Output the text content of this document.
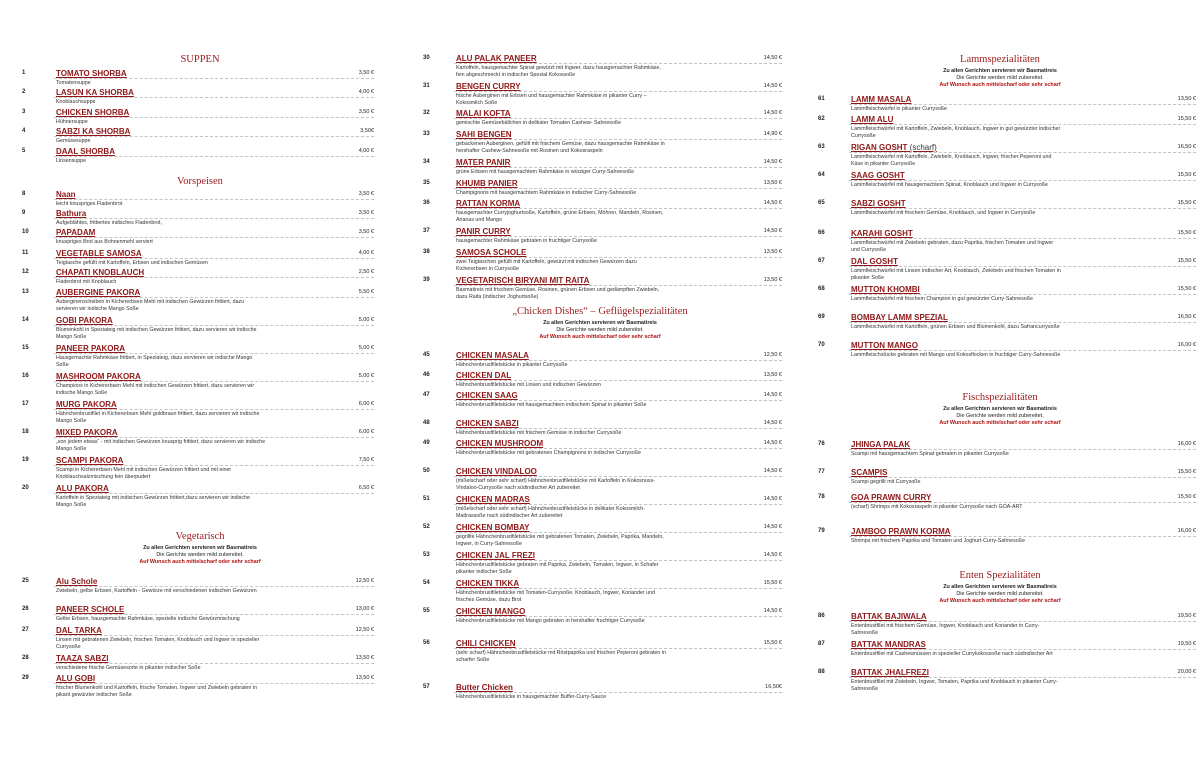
SUPPEN
1	TOMATO SHORBA	3,50 €
Tomatensuppe
2	LASUN KA SHORBA	4,00 €
Knoblauchsuppe
3	CHICKEN SHORBA	3,50 €
Hühnersuppe
4	SABZI KA SHORBA	3,50€
Gemüsesuppe
5	DAAL SHORBA	4,00 €
Linsensuppe
Vorspeisen
8	Naan	3,50 €
leicht knuspriges Fladenbrot
9	Bathura	3,50 €
Aufgeblähtes, frittiertes indisches Fladenbrot,
10	PAPADAM	3,50 €
knuspriges Brot aus Bohnenmehl serviert
11	VEGETABLE SAMOSA	4,00 €
Teigtasche gefüllt mit Kartoffeln, Erbsen und indischen Gemüsen
12	CHAPATI KNOBLAUCH	2,50 €
Fladenbrot mit Knoblauch
13	AUBERGINE PAKORA	5,50 €
Auberginenscheiben in Kichererbsen Mehl mit indischen Gewürzen frittiert, dazu servieren wir indische Mango Soße
14	GOBI PAKORA	5,00 €
Blumenkohl in Speziateig mit indischen Gewürzen frittiert, dazu servieren wir indische Mango Soße
15	PANEER PAKORA	5,00 €
Hausgemachte Rahmkäse frittiert, in Speziateig, dazu servieren wir indische Mango Soße
16	MASHROOM PAKORA	5,00 €
Champions in Kichererbsen Mehl mit indischen Gewürzen frittiert, dazu servieren wir indische Mango Soße
17	MURG PAKORA	6,00 €
Hähnchenbrustfilet in Kichererbsen Mehl goldbraun frittiert, dazu servieren wir indische Mango Soße
18	MIXED PAKORA	6,00 €
„von jedem etwas“ - mit indischen Gewürzen knusprig frittiert, dazu servieren wir indische Mango Soße
19	SCAMPI PAKORA	7,50 €
Scampi in Kichererbsen Mehl mit indischen Gewürzen frittiert und mit einer Knoblauchsalzmischung fein überpudert
20	ALU PAKORA	6,50 €
Kartoffeln in Speziateig mit indischen Gewürzen frittiert,dazu servieren wir indische Mango Soße
Vegetarisch
Zu allen Gerichten servieren wir Basmatireis
Die Gerichte werden mild zubereitet.
Auf Wunsch auch mittelscharf oder sehr scharf
25	Alu Schole	12,50 €
Zwiebeln, gelbe Erbsen, Kartoffeln - Gewürze mit verschiedenen indischen Gewürzen
26	PANEER SCHOLE	13,00 €
Gelbe Erbsen, hausgemachte Rahmkäse, spezielle indische Gewürzmischung
27	DAL TARKA	12,50 €
Linsen mit gebratenen Zwiebeln, frischen Tomaten, Knoblauch und Ingwer in spezieller Currysoße
28	TAAZA SABZI	13,50 €
verschiedene frische Gemüsesorte in pikanter indischer Soße
29	ALU GOBI	13,50 €
frischer Blumenkohl und Kartoffeln, frische Tomaten, Ingwer und Zwiebeln gebraten in pikant gewürzter indischer Soße
30	ALU PALAK PANEER	14,50 €
Kartoffeln, hausgemachter Spinat gewürzt mit Ingwer, dazu hausgemachter Rahmkäse, fein abgeschmeckt in indischer Spezial Kokossoße
31	BENGEN CURRY	14,50 €
frische Auberginen mit Erbsen und hausgemachter Rahmkäse in pikanter Curry – Kokosmilch Soße
32	MALAI KOFTA	14,50 €
gemischte Gemüsebällchen in delikater Tomaten Cashew- Sahnesoße
33	SAHI BENGEN	14,90 €
gebackenen Auberginen, gefüllt mit frischem Gemüse, dazu hausgemachte Rahmkäse in hershafter Cashew-Sahnesoße mit Rosinen und Kokosraspeln
34	MATER PANIR	14,50 €
grüne Erbsen mit hausgemachtem Rahmkäse in würziger Curry-Sahnesoße
35	KHUMB PANIER	13,50 €
Champignons mit hausgemachtem Rahmkäse in indischer Curry-Sahnesoße
36	RATTAN KORMA	14,50 €
hausgemachter Curryjoghurtsoße, Kartoffeln, grüne Erbsen, Möhren, Mandeln, Rosinen, Ananas und Mango
37	PANIR CURRY	14,50 €
hausgemachter Rahmkäse gebraten in fruchtiger Currysoße
38	SAMOSA SCHOLE	13,50 €
zwei Teigtaschen gefüllt mit Kartoffeln, gewürzt mit indischen Gewürzen dazu Kichererbsen in Currysoße
39	VEGETARISCH BIRYANI MIT RAITA	13,50 €
Basmatireis mit frischem Gemüse, Rosinen, grünen Erbsen und gedämpften Zwiebeln, dazu Raita (indischer Joghurtsoße)
„Chicken Dishes“ – Geflügelspezialitäten
Zu allen Gerichten servieren wir Basmatireis
Die Gerichte werden mild zubereitet.
Auf Wunsch auch mittelscharf oder sehr scharf
45	CHICKEN MASALA	12,50 €
Hähnchenbrustfiletstücke in pikanter Currysoße
46	CHICKEN DAL	13,50 €
Hähnchenbrustfiletstücke mit Linsen und indischen Gewürzen
47	CHICKEN SAAG	14,50 €
Hähnchenbrustfiletstücke mit hausgemachtem indischem Spinat in pikanter Soße
48	CHICKEN SABZI	14,50 €
Hähnchenbrustfiletstücke mit frischem Gemüse in indischer Currysoße
49	CHICKEN MUSHROOM	14,50 €
Hähnchenbrustfiletstücke mit gebratenen Champignons in indischer Currysoße
50	CHICKEN VINDALOO	14,50 €
(mißelscharf oder sehr scharf) Hähnchenbrustfiletstücke mit Kartoffeln in Kokosnuss-Vindaloo-Currysoße nach südindischer Art zubereitet
51	CHICKEN MADRAS	14,50 €
(mißelscharf oder sehr scharf) Hähnchenbrustfiletstücke in delikater Kokosmilch-Madrassoße nach südindischer Art zubereitet
52	CHICKEN BOMBAY	14,50 €
gegrillte Hähnchenbrustfiletstücke mit gebratenen Tomaten, Zwiebeln, Paprika, Mandeln, Ingwer, in Curry-Sahnesoße
53	CHICKEN JAL FREZI	14,50 €
Hähnchenbrustfiletstücke gebraten mit Paprika, Zwiebeln, Tomaten, Ingwer, in Schafer pikanter indischer Soße
54	CHICKEN TIKKA	15,50 €
Hähnchenbrustfiletstücke mit Tomaten-Currysoße, Knoblauch, Ingwer, Koriander und frisches Gemüse, dazu Brot
55	CHICKEN MANGO	14,50 €
Hähnchenbrustfiletstücke mit Mango gebraten in hershafter fruchtiger Currysoße
56	CHILI CHICKEN	15,50 €
(sehr scharf) Hähnchenbrustfiletstücke mit Röstpaprika und frischen Peperoni gebraten in scharfer Soße
57	Butter Chicken	16,50€
Hähnchenbrustfiletstücke in hausgemachter Buffer-Curry-Sauce
Lammspezialitäten
Zu allen Gerichten servieren wir Basmatireis
Die Gerichte werden mild zubereitet.
Auf Wunsch auch mittelscharf oder sehr scharf
61	LAMM MASALA	13,50 €
Lammfleischwürfel in pikanter Currysoße
62	LAMM ALU	15,50 €
Lammfleischwürfel mit Kartoffeln, Zwiebeln, Knoblauch, Ingwer in gut gewürzter indischer Currysoße
63	RIGAN GOSHT (scharf)	16,50 €
Lammfleischwürfel mit Kartoffeln, Zwiebeln, Knoblauch, Ingwer, frischer Peperoni und Käse in pikanter Currysoße
64	SAAG GOSHT	15,50 €
Lammfleischwürfel mit hausgemachtem Spinat, Knoblauch und Ingwer in Currysoße
65	SABZI GOSHT	15,50 €
Lammfleischwürfel mit frischem Gemüse, Knoblauch, und Ingwer in Currysoße
66	KARAHI GOSHT	15,50 €
Lammfleischwürfel mit Zwiebeln gebraten, dazu Paprika, frischen Tomaten und Ingwer und Currysoße
67	DAL GOSHT	15,50 €
Lammfleischwürfel mit Linsen indischer Art, Knoblauch, Zwiebeln und frischen Tomaten in pikanter Soße
68	MUTTON KHOMBI	15,50 €
Lammfleischwürfel mit frischem Champion in gut gewürzter Curry-Sahnesoße
69	BOMBAY LAMM SPEZIAL	16,50 €
Lammfleischwürfel mit Kartoffeln, grünen Erbsen und Blumenkohl, dazu Safrancurrysoße
70	MUTTON MANGO	16,00 €
Lammfleischstücke gebraten mit Mango und Kokosflocken in fruchtiger Curry-Sahnesoße
Fischspezialitäten
Zu allen Gerichten servieren wir Basmatireis
Die Gerichte werden mild zubereitet.
Auf Wunsch auch mittelscharf oder sehr scharf
76	JHINGA PALAK	16,00 €
Scampi mit hausgemachtem Spinat gebraten in pikanter Currysoße
77	SCAMPIS	15,50 €
Scampi gegrillt mit Currysoße
78	GOA PRAWN CURRY	15,50 €
(scharf) Shrimps mit Kokosraspeln in pikanter Currysoße nach GOA-ART
79	JAMBOO PRAWN KORMA	16,00 €
Shrimps mit frischem Paprika und Tomaten und Joghurt-Curry-Sahnesoße
Enten Spezialitäten
Zu allen Gerichten servieren wir Basmalireis
Die Gerichte werden mild zubereitet.
Auf Wunsch auch mittelscharf oder sehr scharf
86	BATTAK BAJIWALA	19,50 €
Entenbrustfilet mit frischem Gemüse, Ingwer, Knoblauch und Koriander in Curry-Sahnesoße
87	BATTAK MANDRAS	19,50 €
Entenbrustfilet mit Cashewnüssen in spezieller Currykokossoße nach südindischer Art
88	BATTAK JHALFREZI	20,00 €
Entenbrustfilet mit Zwiebeln, Ingwer, Tomaten, Paprika und Knoblauch in pikanter Curry-Sahnesoße
